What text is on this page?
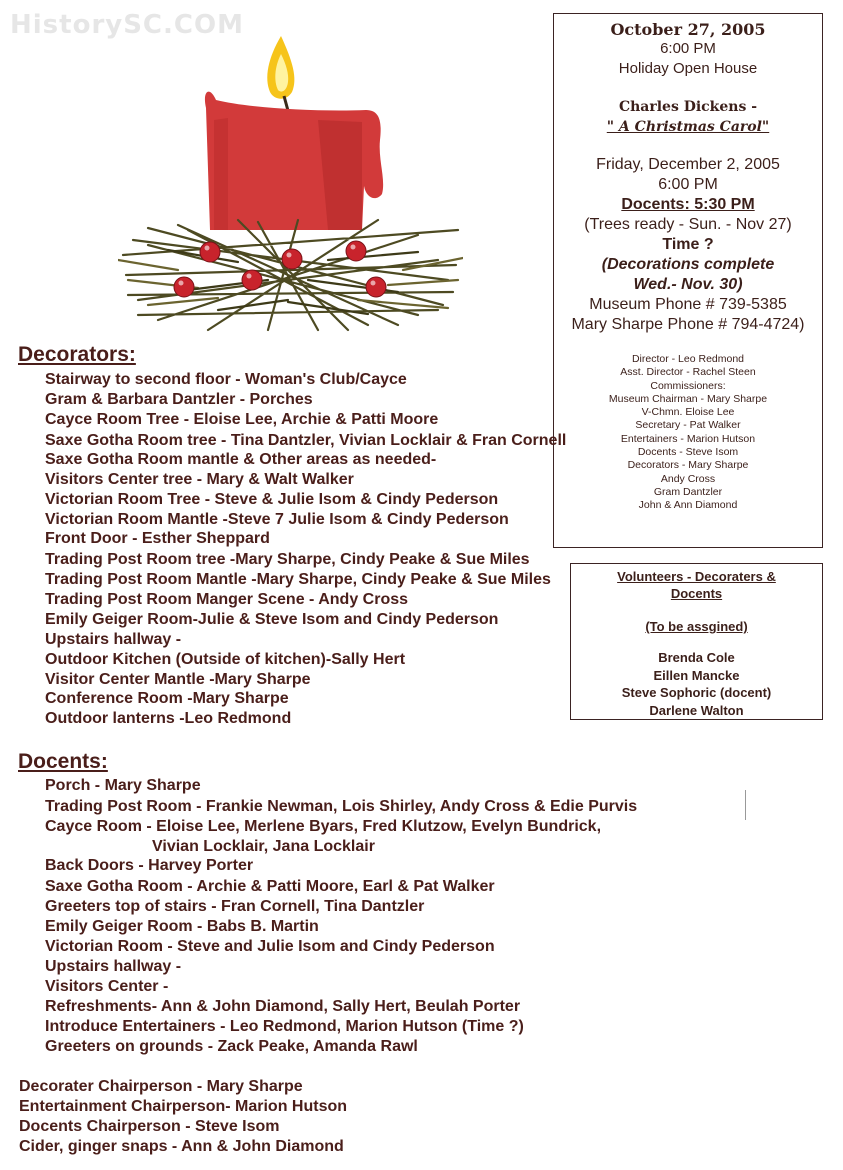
HistorySC.COM	October 27, 2005
6:00 PM
Holiday Open House
Charles Dickens -
" A Christmas Carol"
Friday, December 2, 2005
6:00 PM
Docents: 5:30 PM
(Trees ready - Sun. - Nov 27)
Time ?
(Decorations complete
Wed.- Nov. 30)
Museum Phone # 739-5385
Mary Sharpe Phone # 794-4724)
Director - Leo Redmond
Asst. Director - Rachel Steen
Commissioners:
Museum Chairman - Mary Sharpe
V-Chmn. Eloise Lee
Secretary - Pat Walker
Entertainers - Marion Hutson
Docents - Steve Isom
Decorators - Mary Sharpe
Andy Cross
Gram Dantzler
John & Ann Diamond
Volunteers - Decoraters &
Docents
(To be assgined)
Brenda Cole
Eillen Mancke
Steve Sophoric (docent)
Darlene Walton
Decorators:
Stairway to second floor - Woman's Club/Cayce
Gram & Barbara Dantzler - Porches
Cayce Room Tree - Eloise Lee, Archie & Patti Moore
Saxe Gotha Room tree - Tina Dantzler, Vivian Locklair & Fran Cornell
Saxe Gotha Room mantle & Other areas as needed-
Visitors Center tree - Mary & Walt Walker
Victorian Room Tree - Steve & Julie Isom & Cindy Pederson
Victorian Room Mantle -Steve 7 Julie Isom & Cindy Pederson
Front Door - Esther Sheppard
Trading Post Room tree -Mary Sharpe, Cindy Peake & Sue Miles
Trading Post Room Mantle -Mary Sharpe, Cindy Peake & Sue Miles
Trading Post Room Manger Scene - Andy Cross
Emily Geiger Room-Julie & Steve Isom and Cindy Pederson
Upstairs hallway -
Outdoor Kitchen (Outside of kitchen)-Sally Hert
Visitor Center Mantle -Mary Sharpe
Conference Room -Mary Sharpe
Outdoor lanterns -Leo Redmond
Docents:
Porch - Mary Sharpe
Trading Post Room - Frankie Newman, Lois Shirley, Andy Cross & Edie Purvis
Cayce Room - Eloise Lee, Merlene Byars, Fred Klutzow, Evelyn Bundrick,
Vivian Locklair, Jana Locklair
Back Doors - Harvey Porter
Saxe Gotha Room - Archie & Patti Moore, Earl & Pat Walker
Greeters top of stairs - Fran Cornell, Tina Dantzler
Emily Geiger Room - Babs B. Martin
Victorian Room - Steve and Julie Isom and Cindy Pederson
Upstairs hallway -
Visitors Center -
Refreshments- Ann & John Diamond, Sally Hert, Beulah Porter
Introduce Entertainers - Leo Redmond, Marion Hutson (Time ?)
Greeters on grounds - Zack Peake, Amanda Rawl
Decorater Chairperson - Mary Sharpe
Entertainment Chairperson- Marion Hutson
Docents Chairperson - Steve Isom
Cider, ginger snaps - Ann & John Diamond
